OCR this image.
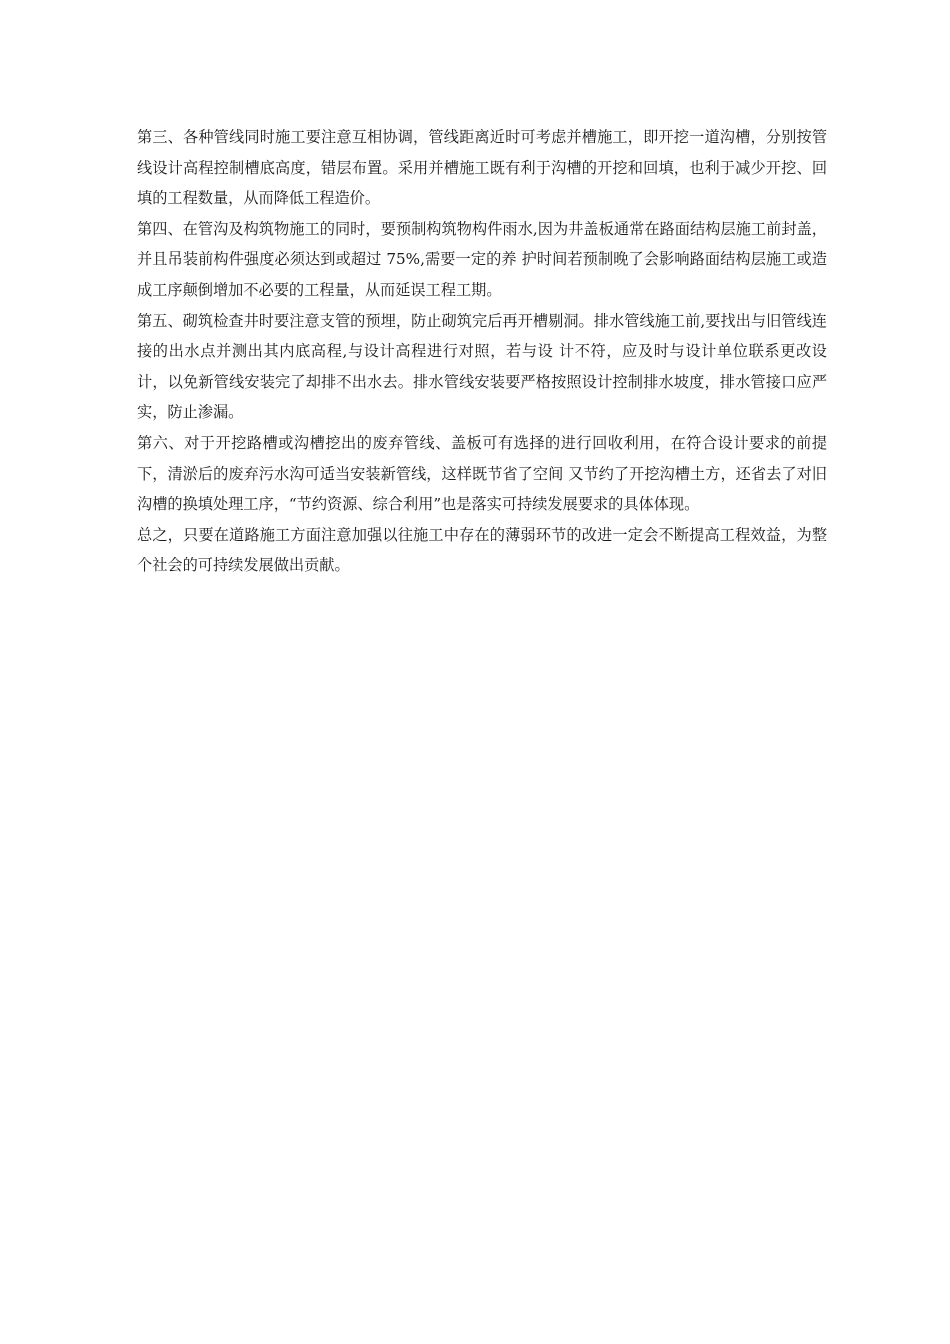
第三、各种管线同时施工要注意互相协调，管线距离近时可考虑并槽施工，即开挖一道沟槽，分别按管线设计高程控制槽底高度，错层布置。采用并槽施工既有利于沟槽的开挖和回填，也利于减少开挖、回填的工程数量，从而降低工程造价。

第四、在管沟及构筑物施工的同时，要预制构筑物构件雨水,因为井盖板通常在路面结构层施工前封盖，并且吊装前构件强度必须达到或超过 75%,需要一定的养 护时间若预制晚了会影响路面结构层施工或造成工序颠倒增加不必要的工程量，从而延误工程工期。

第五、砌筑检查井时要注意支管的预埋，防止砌筑完后再开槽剔洞。排水管线施工前,要找出与旧管线连接的出水点并测出其内底高程,与设计高程进行对照，若与设 计不符，应及时与设计单位联系更改设计，以免新管线安装完了却排不出水去。排水管线安装要严格按照设计控制排水坡度，排水管接口应严实，防止渗漏。

第六、对于开挖路槽或沟槽挖出的废弃管线、盖板可有选择的进行回收利用，在符合设计要求的前提下，清淤后的废弃污水沟可适当安装新管线，这样既节省了空间 又节约了开挖沟槽土方，还省去了对旧沟槽的换填处理工序，“节约资源、综合利用”也是落实可持续发展要求的具体体现。

总之，只要在道路施工方面注意加强以往施工中存在的薄弱环节的改进一定会不断提高工程效益，为整个社会的可持续发展做出贡献。
